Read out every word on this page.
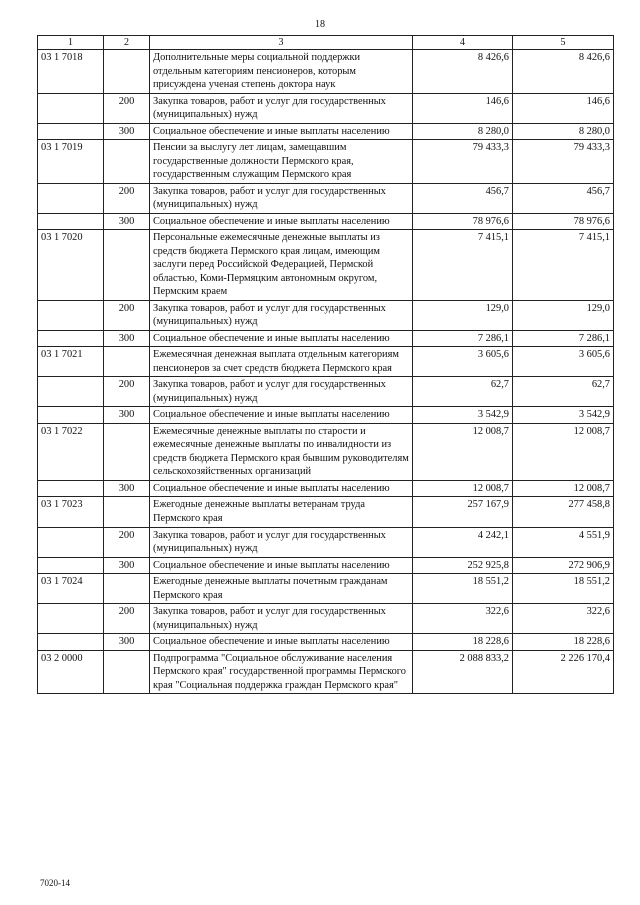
18
1	2	3	4	5
03 1 7018		Дополнительные меры социальной поддержки отдельным категориям пенсионеров, которым присуждена ученая степень доктора наук	8 426,6	8 426,6
	200	Закупка товаров, работ и услуг для государственных (муниципальных) нужд	146,6	146,6
	300	Социальное обеспечение и иные выплаты населению	8 280,0	8 280,0
03 1 7019		Пенсии за выслугу лет лицам, замещавшим государственные должности Пермского края, государственным служащим Пермского края	79 433,3	79 433,3
	200	Закупка товаров, работ и услуг для государственных (муниципальных) нужд	456,7	456,7
	300	Социальное обеспечение и иные выплаты населению	78 976,6	78 976,6
03 1 7020		Персональные ежемесячные денежные выплаты из средств бюджета Пермского края лицам, имеющим заслуги перед Российской Федерацией, Пермской областью, Коми-Пермяцким автономным округом, Пермским краем	7 415,1	7 415,1
	200	Закупка товаров, работ и услуг для государственных (муниципальных) нужд	129,0	129,0
	300	Социальное обеспечение и иные выплаты населению	7 286,1	7 286,1
03 1 7021		Ежемесячная денежная выплата отдельным категориям пенсионеров за счет средств бюджета Пермского края	3 605,6	3 605,6
	200	Закупка товаров, работ и услуг для государственных (муниципальных) нужд	62,7	62,7
	300	Социальное обеспечение и иные выплаты населению	3 542,9	3 542,9
03 1 7022		Ежемесячные денежные выплаты по старости и ежемесячные денежные выплаты по инвалидности из средств бюджета Пермского края бывшим руководителям сельскохозяйственных организаций	12 008,7	12 008,7
	300	Социальное обеспечение и иные выплаты населению	12 008,7	12 008,7
03 1 7023		Ежегодные денежные выплаты ветеранам труда Пермского края	257 167,9	277 458,8
	200	Закупка товаров, работ и услуг для государственных (муниципальных) нужд	4 242,1	4 551,9
	300	Социальное обеспечение и иные выплаты населению	252 925,8	272 906,9
03 1 7024		Ежегодные денежные выплаты почетным гражданам Пермского края	18 551,2	18 551,2
	200	Закупка товаров, работ и услуг для государственных (муниципальных) нужд	322,6	322,6
	300	Социальное обеспечение и иные выплаты населению	18 228,6	18 228,6
03 2 0000		Подпрограмма "Социальное обслуживание населения Пермского края" государственной программы Пермского края "Социальная поддержка граждан Пермского края"	2 088 833,2	2 226 170,4
7020-14
